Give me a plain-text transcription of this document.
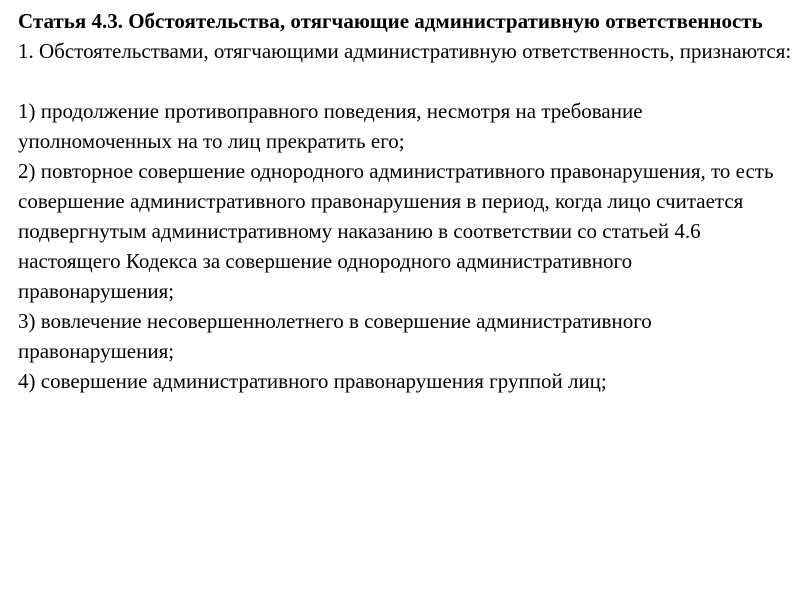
Статья 4.3. Обстоятельства, отягчающие административную ответственность
1. Обстоятельствами, отягчающими административную ответственность, признаются:
1) продолжение противоправного поведения, несмотря на требование уполномоченных на то лиц прекратить его;
2) повторное совершение однородного административного правонарушения, то есть совершение административного правонарушения в период, когда лицо считается подвергнутым административному наказанию в соответствии со статьей 4.6 настоящего Кодекса за совершение однородного административного правонарушения;
3) вовлечение несовершеннолетнего в совершение административного правонарушения;
4) совершение административного правонарушения группой лиц;
